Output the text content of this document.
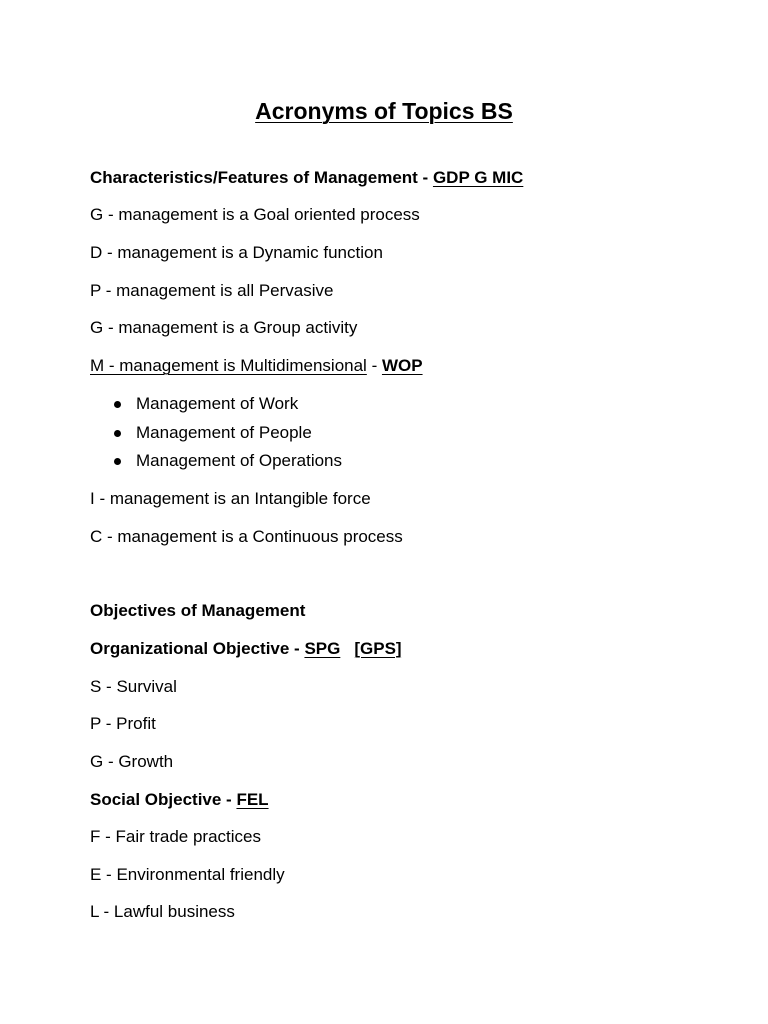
Acronyms of Topics BS
Characteristics/Features of Management - GDP G MIC
G - management is a Goal oriented process
D - management is a Dynamic function
P - management is all Pervasive
G - management is a Group activity
M - management is Multidimensional - WOP
Management of Work
Management of People
Management of Operations
I - management is an Intangible force
C - management is a Continuous process
Objectives of Management
Organizational Objective - SPG [GPS]
S - Survival
P - Profit
G - Growth
Social Objective - FEL
F - Fair trade practices
E - Environmental friendly
L - Lawful business
